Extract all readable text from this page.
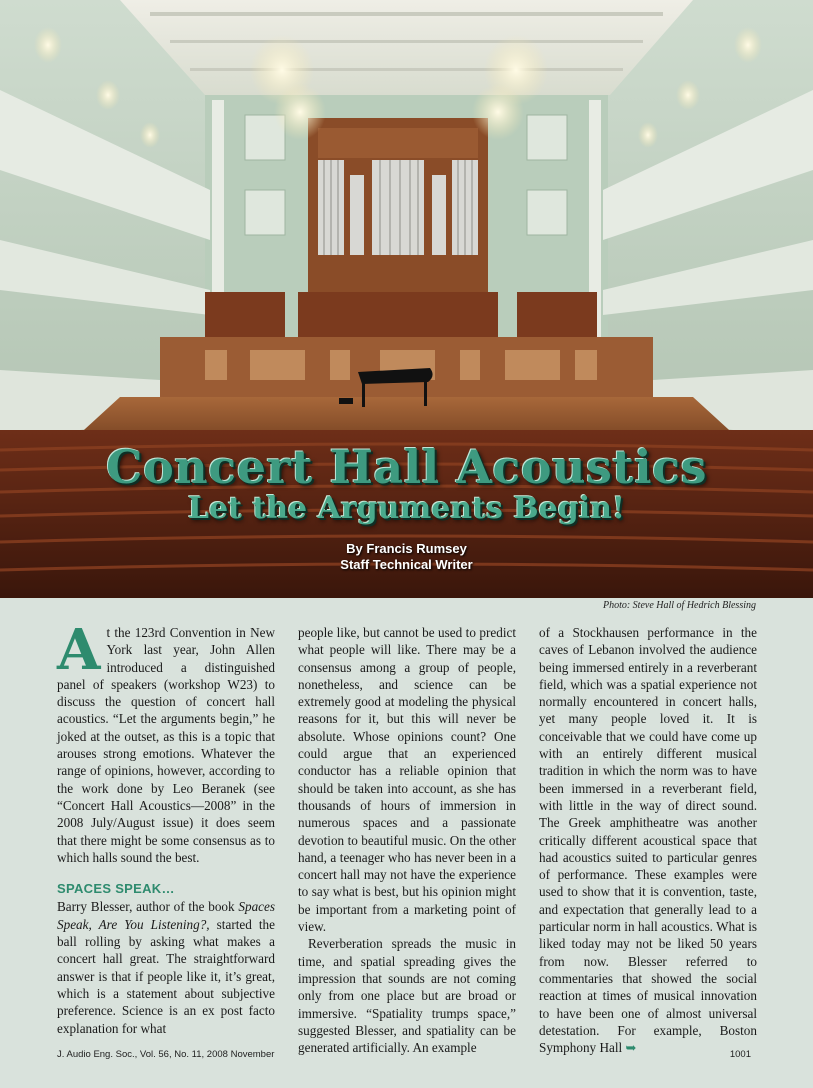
Concert Hall Acoustics
Let the Arguments Begin!
By Francis Rumsey
Staff Technical Writer
Photo: Steve Hall of Hedrich Blessing

At the 123rd Convention in New York last year, John Allen introduced a distinguished panel of speakers (workshop W23) to discuss the question of concert hall acoustics. “Let the arguments begin,” he joked at the outset, as this is a topic that arouses strong emotions. Whatever the range of opinions, however, according to the work done by Leo Beranek (see “Concert Hall Acoustics—2008” in the 2008 July/August issue) it does seem that there might be some consensus as to which halls sound the best.

SPACES SPEAK…

Barry Blesser, author of the book Spaces Speak, Are You Listening?, started the ball rolling by asking what makes a concert hall great. The straightforward answer is that if people like it, it’s great, which is a statement about subjective preference. Science is an ex post facto explanation for what

people like, but cannot be used to predict what people will like. There may be a consensus among a group of people, nonetheless, and science can be extremely good at modeling the physical reasons for it, but this will never be absolute. Whose opinions count? One could argue that an experienced conductor has a reliable opinion that should be taken into account, as she has thousands of hours of immersion in numerous spaces and a passionate devotion to beautiful music. On the other hand, a teenager who has never been in a concert hall may not have the experience to say what is best, but his opinion might be important from a marketing point of view.

Reverberation spreads the music in time, and spatial spreading gives the impression that sounds are not coming only from one place but are broad or immersive. “Spatiality trumps space,” suggested Blesser, and spatiality can be generated artificially. An example

of a Stockhausen performance in the caves of Lebanon involved the audience being immersed entirely in a reverberant field, which was a spatial experience not normally encountered in concert halls, yet many people loved it. It is conceivable that we could have come up with an entirely different musical tradition in which the norm was to have been immersed in a reverberant field, with little in the way of direct sound. The Greek amphitheatre was another critically different acoustical space that had acoustics suited to particular genres of performance. These examples were used to show that it is convention, taste, and expectation that generally lead to a particular norm in hall acoustics. What is liked today may not be liked 50 years from now. Blesser referred to commentaries that showed the social reaction at times of musical innovation to have been one of almost universal detestation. For example, Boston Symphony Hall ➥

J. Audio Eng. Soc., Vol. 56, No. 11, 2008 November	1001
